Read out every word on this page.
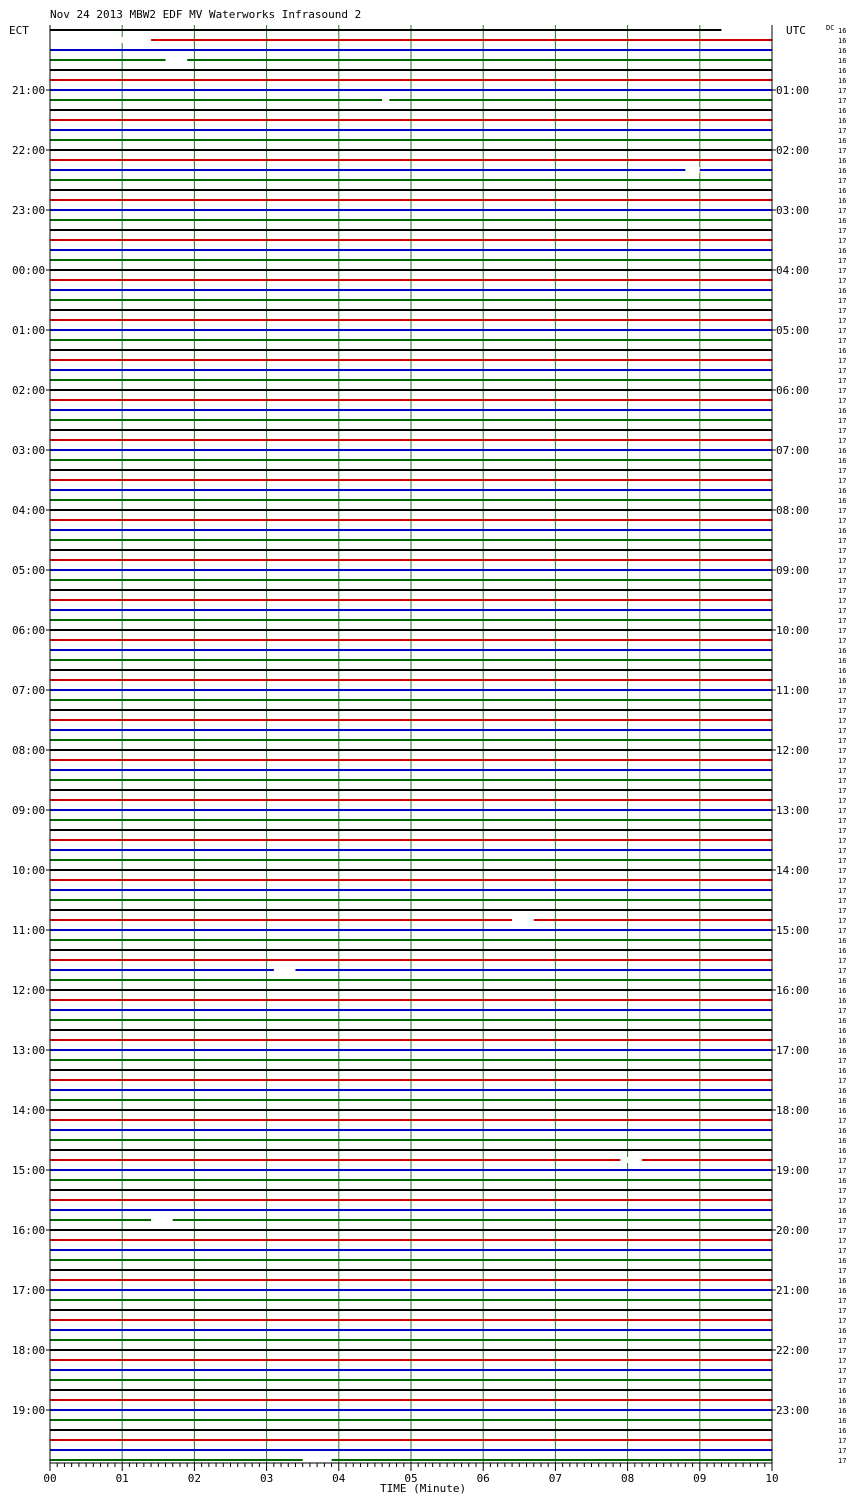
Nov 24 2013 MBW2 EDF MV Waterworks Infrasound 2
ECT	UTC	DC
TIME (Minute)
21:00
22:00
23:00
00:00
01:00
02:00
03:00
04:00
05:00
06:00
07:00
08:00
09:00
10:00
11:00
12:00
13:00
14:00
15:00
16:00
17:00
18:00
19:00
01:00
02:00
03:00
04:00
05:00
06:00
07:00
08:00
09:00
10:00
11:00
12:00
13:00
14:00
15:00
16:00
17:00
18:00
19:00
20:00
21:00
22:00
23:00
16
16
16
16
16
16
17
17
16
16
17
16
17
16
16
17
16
16
17
16
17
17
16
17
17
17
16
17
17
17
17
17
16
17
17
17
17
17
16
17
17
17
16
16
17
17
16
16
17
17
16
17
17
17
17
17
17
17
17
17
17
17
16
16
16
16
17
17
17
17
17
17
17
17
17
17
17
17
17
17
17
17
17
17
17
17
17
17
17
17
17
16
16
17
17
16
16
16
17
16
16
16
16
17
16
17
16
16
16
17
16
16
16
17
17
16
17
17
16
17
17
17
17
16
17
16
16
17
17
17
16
17
17
17
17
17
16
16
16
16
16
17
17
17
00	01	02	03	04	05	06	07	08	09	10
